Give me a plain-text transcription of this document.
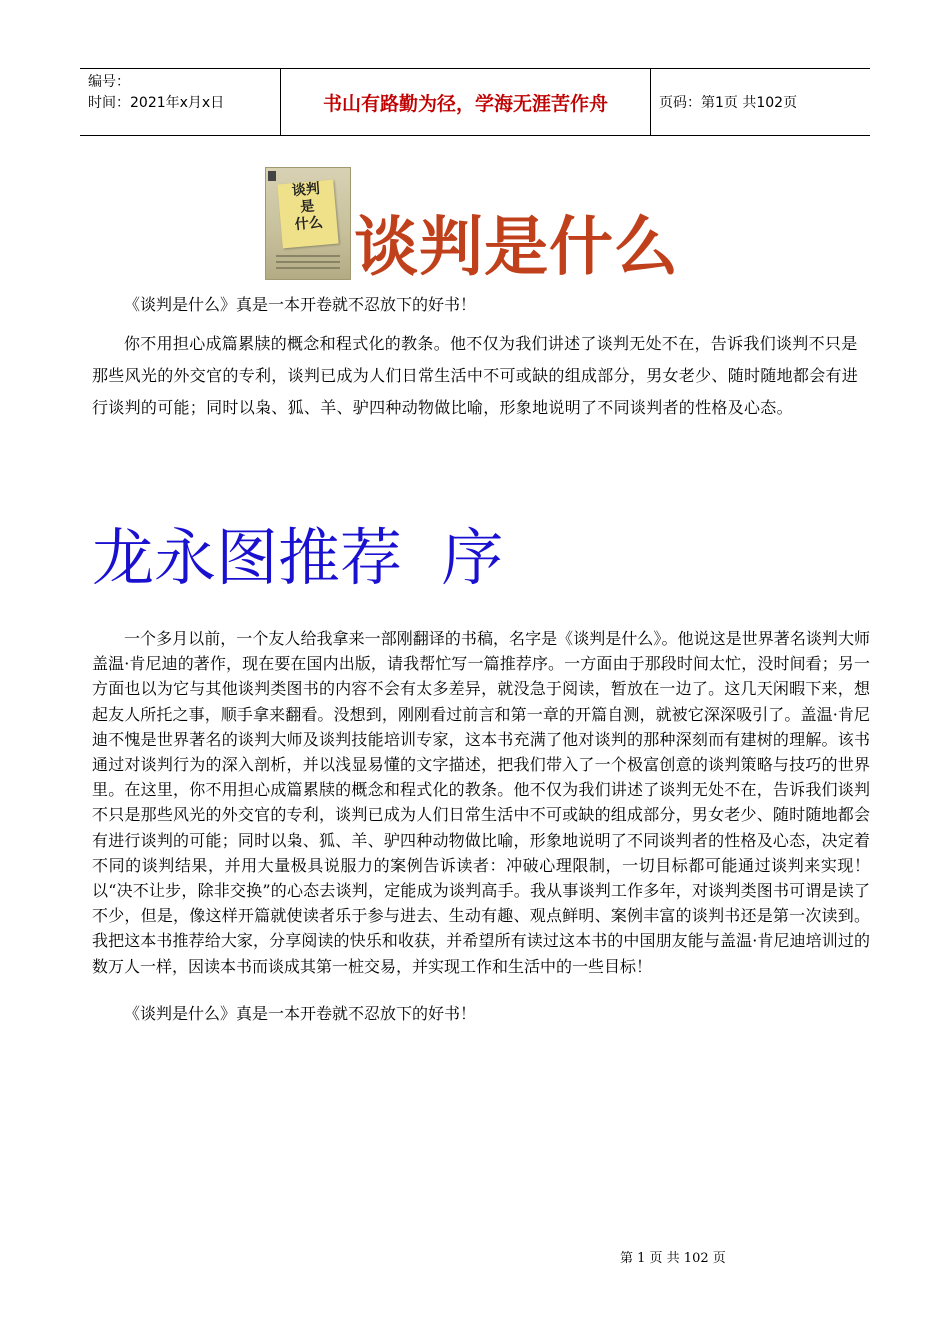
编号：
时间：2021年x月x日	书山有路勤为径，学海无涯苦作舟	页码：第1页 共102页
谈判
是
什么 谈判是什么

《谈判是什么》真是一本开卷就不忍放下的好书！

你不用担心成篇累牍的概念和程式化的教条。他不仅为我们讲述了谈判无处不在，告诉我们谈判不只是那些风光的外交官的专利，谈判已成为人们日常生活中不可或缺的组成部分，男女老少、随时随地都会有进行谈判的可能；同时以枭、狐、羊、驴四种动物做比喻，形象地说明了不同谈判者的性格及心态。

龙永图推荐  序

一个多月以前，一个友人给我拿来一部刚翻译的书稿，名字是《谈判是什么》。他说这是世界著名谈判大师盖温·肯尼迪的著作，现在要在国内出版，请我帮忙写一篇推荐序。一方面由于那段时间太忙，没时间看；另一方面也以为它与其他谈判类图书的内容不会有太多差异，就没急于阅读，暂放在一边了。这几天闲暇下来，想起友人所托之事，顺手拿来翻看。没想到，刚刚看过前言和第一章的开篇自测，就被它深深吸引了。盖温·肯尼迪不愧是世界著名的谈判大师及谈判技能培训专家，这本书充满了他对谈判的那种深刻而有建树的理解。该书通过对谈判行为的深入剖析，并以浅显易懂的文字描述，把我们带入了一个极富创意的谈判策略与技巧的世界里。在这里，你不用担心成篇累牍的概念和程式化的教条。他不仅为我们讲述了谈判无处不在，告诉我们谈判不只是那些风光的外交官的专利，谈判已成为人们日常生活中不可或缺的组成部分，男女老少、随时随地都会有进行谈判的可能；同时以枭、狐、羊、驴四种动物做比喻，形象地说明了不同谈判者的性格及心态，决定着不同的谈判结果，并用大量极具说服力的案例告诉读者：冲破心理限制，一切目标都可能通过谈判来实现！以“决不让步，除非交换”的心态去谈判，定能成为谈判高手。我从事谈判工作多年，对谈判类图书可谓是读了不少，但是，像这样开篇就使读者乐于参与进去、生动有趣、观点鲜明、案例丰富的谈判书还是第一次读到。我把这本书推荐给大家，分享阅读的快乐和收获，并希望所有读过这本书的中国朋友能与盖温·肯尼迪培训过的数万人一样，因读本书而谈成其第一桩交易，并实现工作和生活中的一些目标！

《谈判是什么》真是一本开卷就不忍放下的好书！

第 1 页 共 102 页
